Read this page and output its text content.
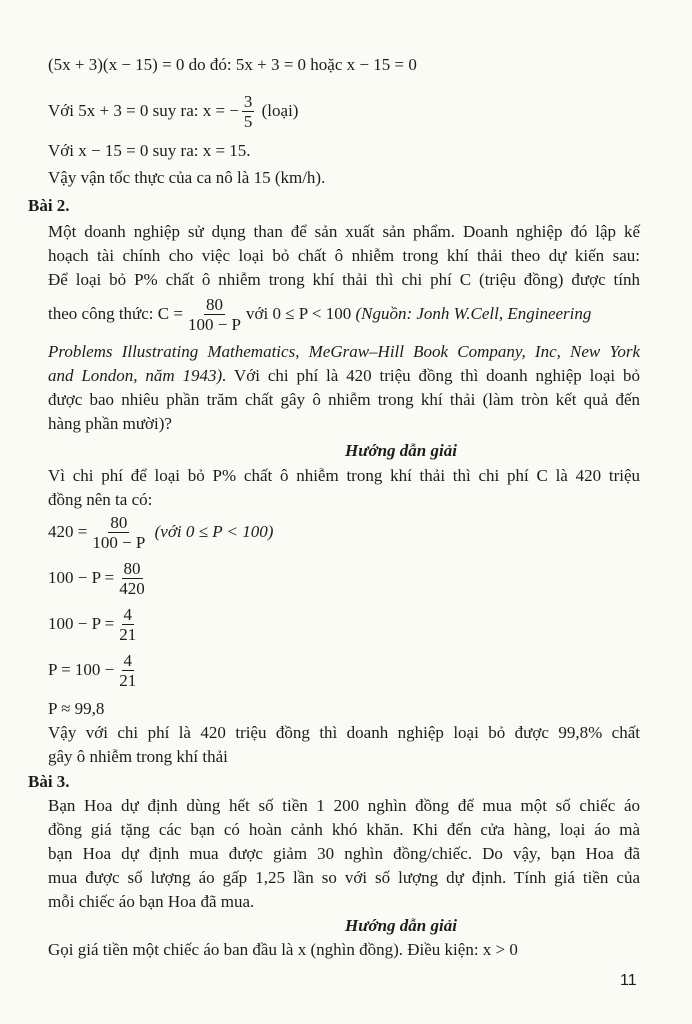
(5x + 3)(x − 15) = 0 do đó: 5x + 3 = 0 hoặc x − 15 = 0
Với 5x + 3 = 0 suy ra: x = − $\frac{3}{5}$ (loại)
Với x − 15 = 0 suy ra: x = 15.
Vậy vận tốc thực của ca nô là 15 (km/h).
Bài 2.
Một doanh nghiệp sử dụng than để sản xuất sản phẩm. Doanh nghiệp đó lập kế
hoạch tài chính cho việc loại bỏ chất ô nhiễm trong khí thải theo dự kiến sau:
Để loại bỏ P% chất ô nhiễm trong khí thải thì chi phí C (triệu đồng) được tính
theo công thức: $C = \frac{80}{100 - P}$ với 0 ≤ P < 100 (Nguồn: Jonh W.Cell, Engineering
Problems Illustrating Mathematics, MeGraw–Hill Book Company, Inc, New York
and London, năm 1943). Với chi phí là 420 triệu đồng thì doanh nghiệp loại bỏ
được bao nhiêu phần trăm chất gây ô nhiễm trong khí thải (làm tròn kết quả đến
hàng phần mười)?
Hướng dẫn giải
Vì chi phí để loại bỏ P% chất ô nhiễm trong khí thải thì chi phí C là 420 triệu
đồng nên ta có:
$420 = \frac{80}{100 - P}$ (với 0 ≤ P < 100)
$100 - P = \frac{80}{420}$
$100 - P = \frac{4}{21}$
$P = 100 - \frac{4}{21}$
P ≈ 99,8
Vậy với chi phí là 420 triệu đồng thì doanh nghiệp loại bỏ được 99,8% chất
gây ô nhiễm trong khí thải
Bài 3.
Bạn Hoa dự định dùng hết số tiền 1 200 nghìn đồng để mua một số chiếc áo
đồng giá tặng các bạn có hoàn cảnh khó khăn. Khi đến cửa hàng, loại áo mà
bạn Hoa dự định mua được giảm 30 nghìn đồng/chiếc. Do vậy, bạn Hoa đã
mua được số lượng áo gấp 1,25 lần so với số lượng dự định. Tính giá tiền của
mỗi chiếc áo bạn Hoa đã mua.
Hướng dẫn giải
Gọi giá tiền một chiếc áo ban đầu là x (nghìn đồng). Điều kiện: x > 0
11
